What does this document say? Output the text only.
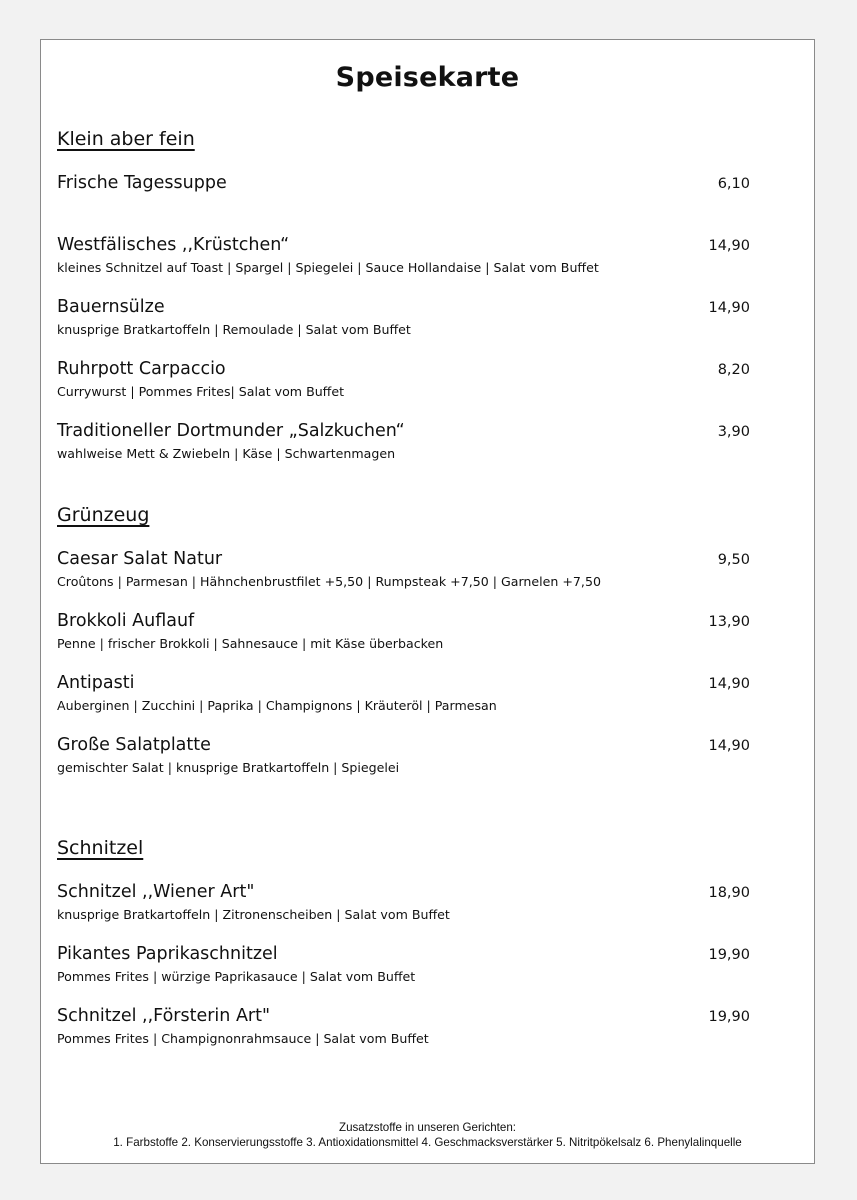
Speisekarte
Klein aber fein
Frische Tagessuppe	6,10
Westfälisches ,,Krüstchen“	14,90
kleines Schnitzel auf Toast | Spargel | Spiegelei | Sauce Hollandaise | Salat vom Buffet
Bauernsülze	14,90
knusprige Bratkartoffeln | Remoulade | Salat vom Buffet
Ruhrpott Carpaccio	8,20
Currywurst | Pommes Frites| Salat vom Buffet
Traditioneller Dortmunder „Salzkuchen“	3,90
wahlweise Mett & Zwiebeln | Käse | Schwartenmagen
Grünzeug
Caesar Salat Natur	9,50
Croûtons | Parmesan | Hähnchenbrustfilet +5,50 | Rumpsteak +7,50 | Garnelen +7,50
Brokkoli Auflauf	13,90
Penne | frischer Brokkoli | Sahnesauce | mit Käse überbacken
Antipasti	14,90
Auberginen | Zucchini | Paprika | Champignons | Kräuteröl | Parmesan
Große Salatplatte	14,90
gemischter Salat | knusprige Bratkartoffeln | Spiegelei
Schnitzel
Schnitzel ,,Wiener Art"	18,90
knusprige Bratkartoffeln | Zitronenscheiben | Salat vom Buffet
Pikantes Paprikaschnitzel	19,90
Pommes Frites | würzige Paprikasauce | Salat vom Buffet
Schnitzel ,,Försterin Art"	19,90
Pommes Frites | Champignonrahmsauce | Salat vom Buffet
Zusatzstoffe in unseren Gerichten:
1. Farbstoffe 2. Konservierungsstoffe 3. Antioxidationsmittel 4. Geschmacksverstärker 5. Nitritpökelsalz 6. Phenylalinquelle
